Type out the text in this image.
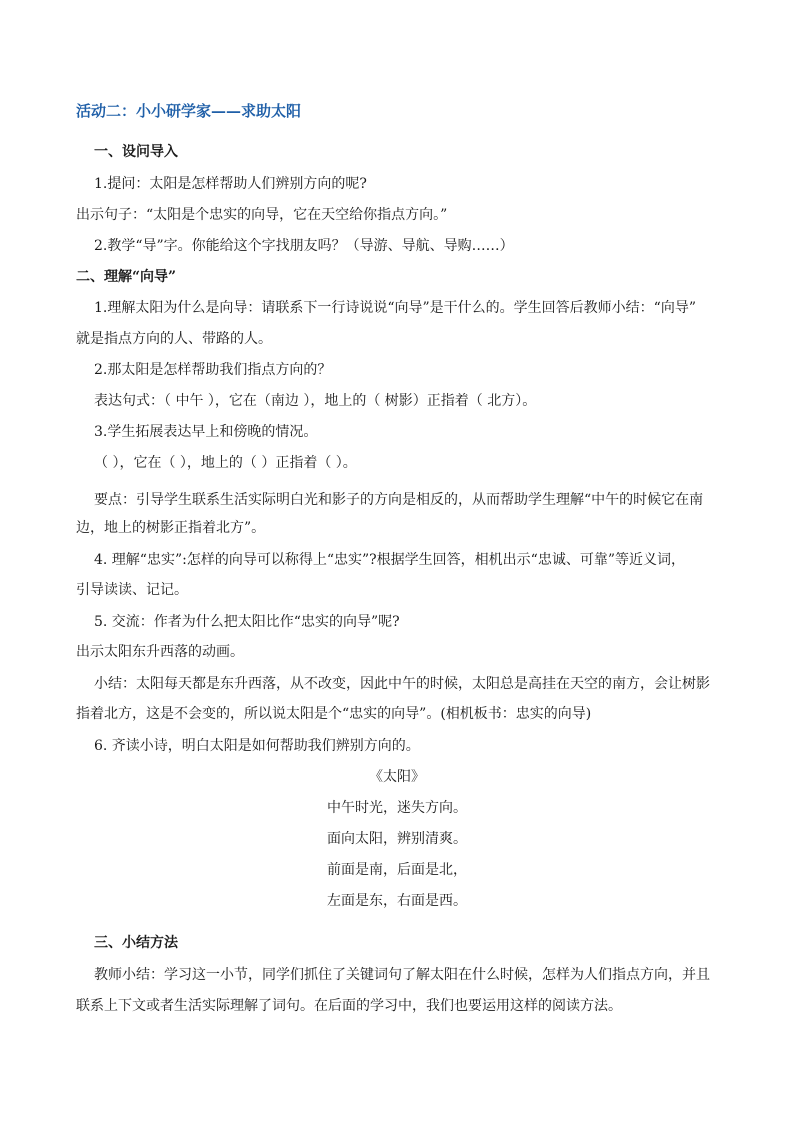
活动二：小小研学家——求助太阳
一、设问导入
1.提问：太阳是怎样帮助人们辨别方向的呢?
出示句子：“太阳是个忠实的向导，它在天空给你指点方向。”
2.教学“导”字。你能给这个字找朋友吗？（导游、导航、导购……）
二、理解“向导”
1.理解太阳为什么是向导：请联系下一行诗说说“向导”是干什么的。学生回答后教师小结：“向导”
就是指点方向的人、带路的人。
2.那太阳是怎样帮助我们指点方向的？
表达句式：（ 中午 ），它在（南边 ），地上的（ 树影）正指着（ 北方）。
3.学生拓展表达早上和傍晚的情况。
（ ），它在（ ），地上的（ ）正指着（ ）。
要点：引导学生联系生活实际明白光和影子的方向是相反的，从而帮助学生理解“中午的时候它在南
边，地上的树影正指着北方”。
4. 理解“忠实”:怎样的向导可以称得上“忠实”?根据学生回答，相机出示“忠诚、可靠”等近义词，
引导读读、记记。
5. 交流：作者为什么把太阳比作“忠实的向导”呢?
出示太阳东升西落的动画。
小结：太阳每天都是东升西落，从不改变，因此中午的时候，太阳总是高挂在天空的南方，会让树影
指着北方，这是不会变的，所以说太阳是个“忠实的向导”。(相机板书：忠实的向导)
6. 齐读小诗，明白太阳是如何帮助我们辨别方向的。
《太阳》
中午时光，迷失方向。
面向太阳，辨别清爽。
前面是南，后面是北，
左面是东，右面是西。
三、小结方法
教师小结：学习这一小节，同学们抓住了关键词句了解太阳在什么时候，怎样为人们指点方向，并且
联系上下文或者生活实际理解了词句。在后面的学习中，我们也要运用这样的阅读方法。
